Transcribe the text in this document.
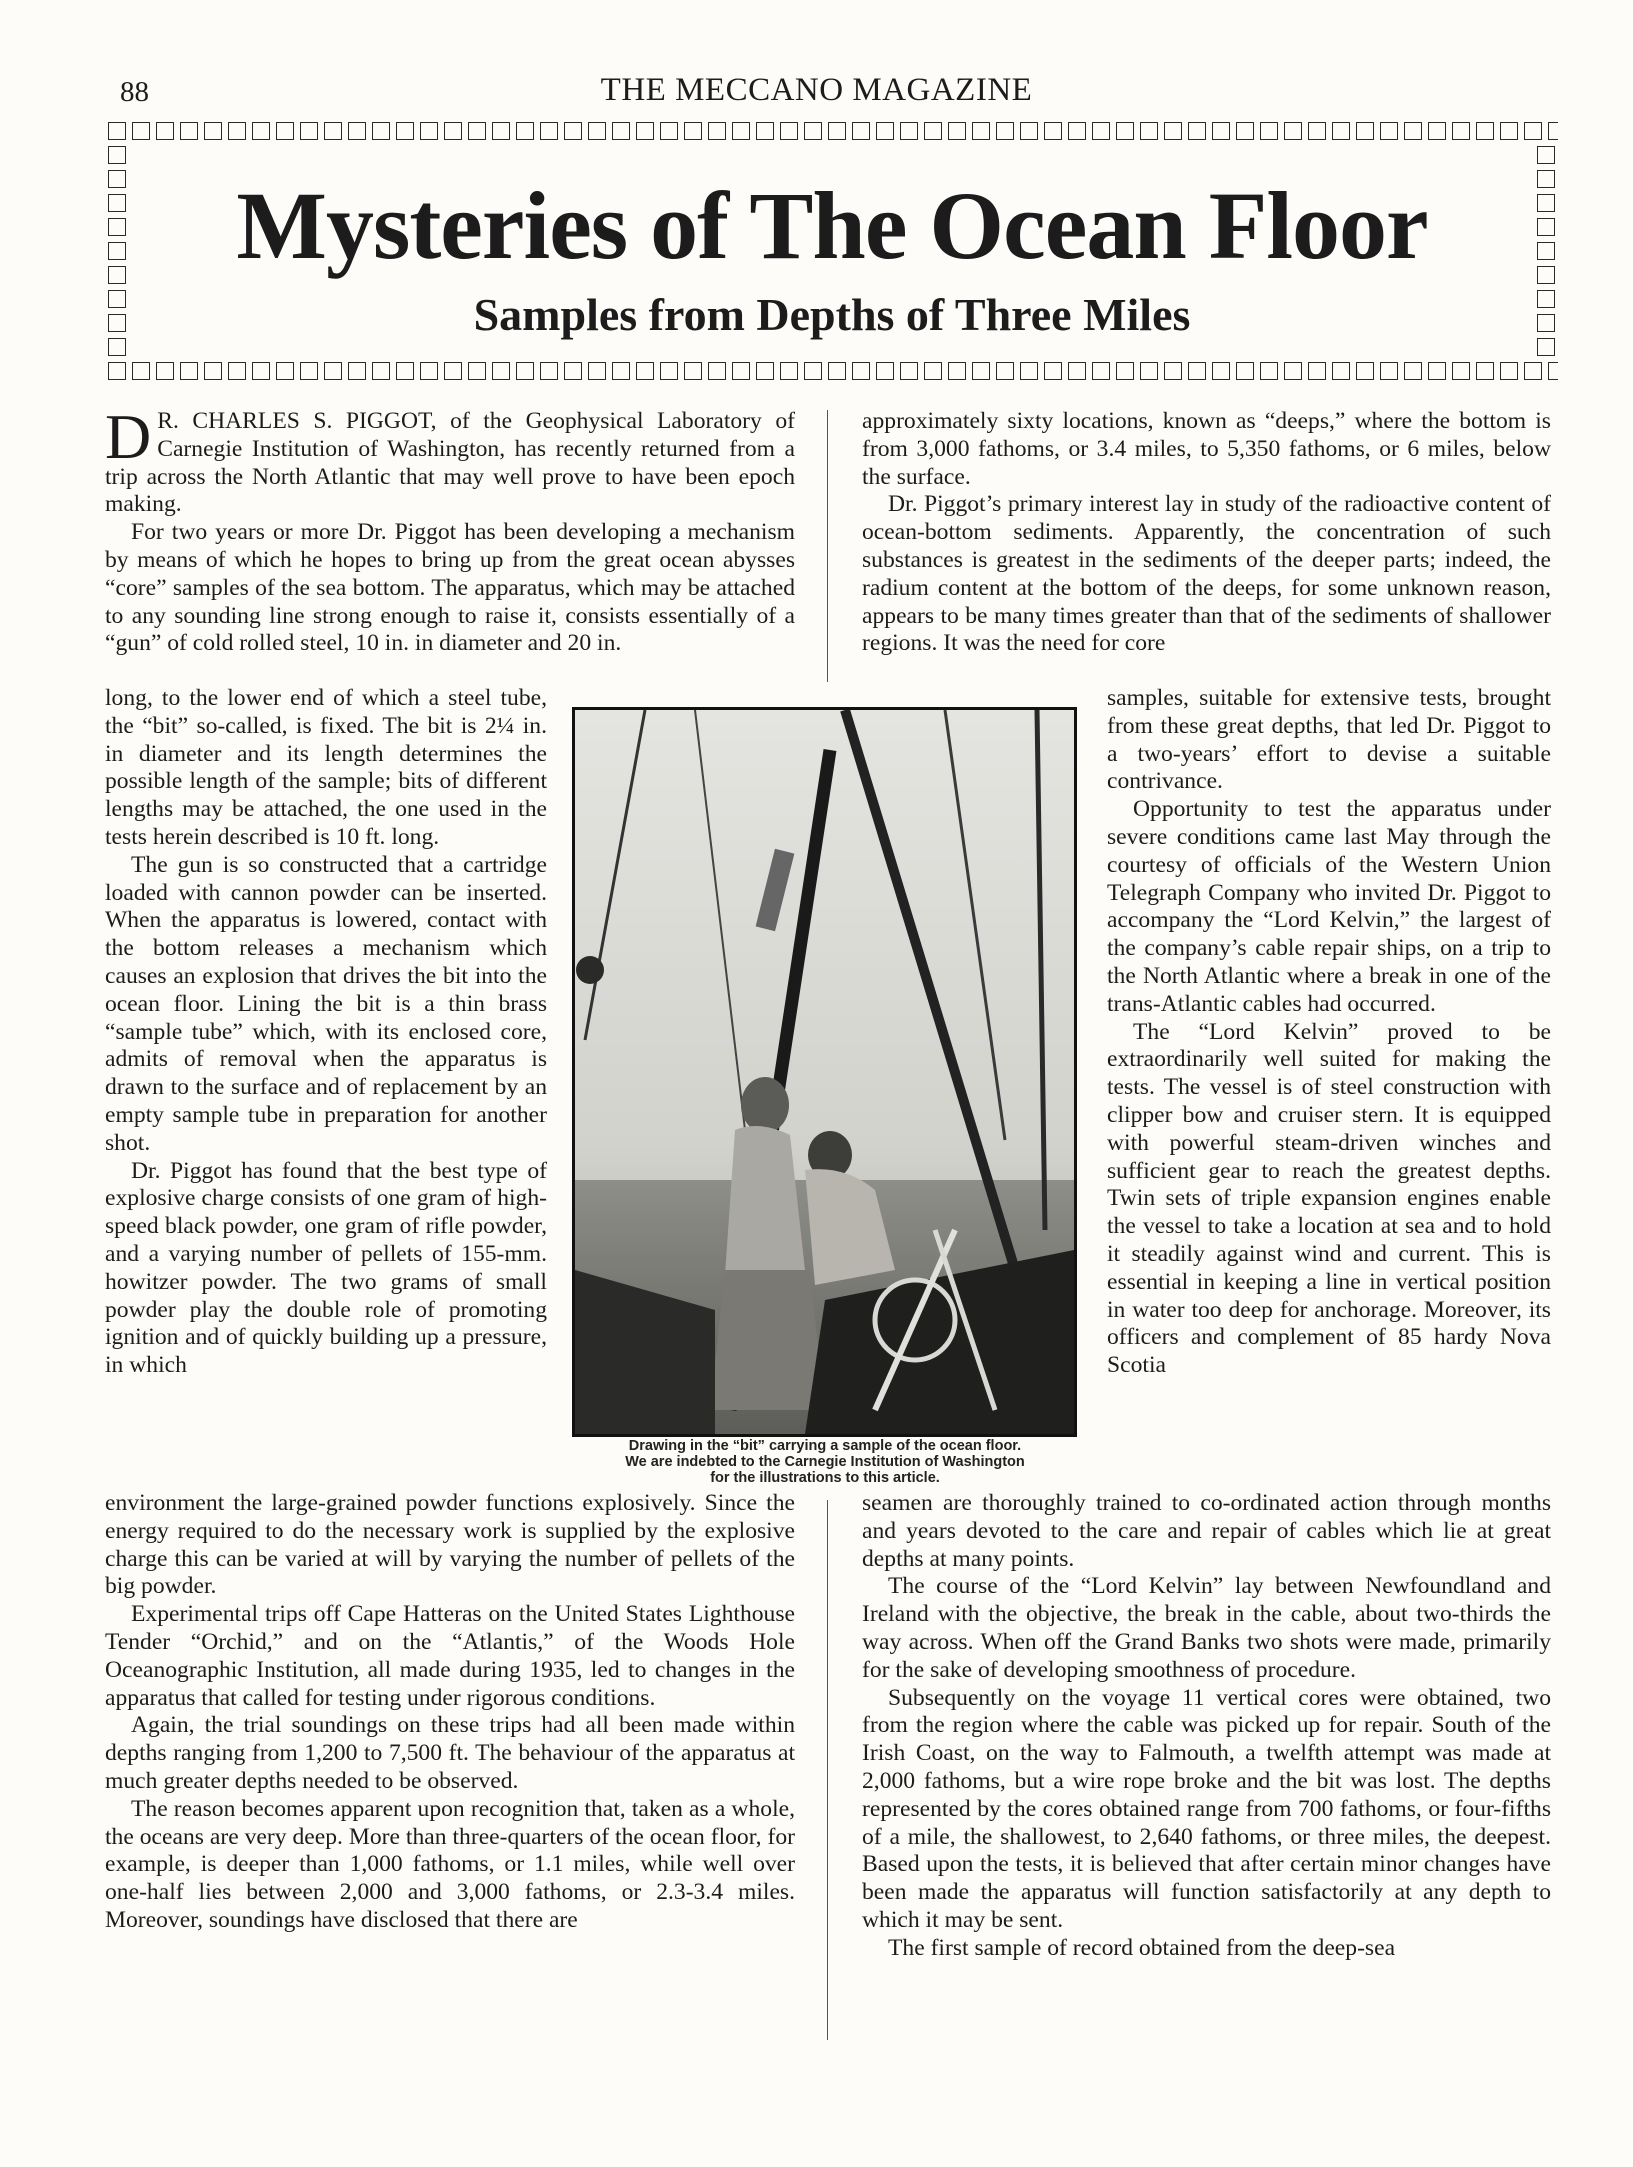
88	THE MECCANO MAGAZINE
Mysteries of The Ocean Floor
Samples from Depths of Three Miles

D R. CHARLES S. PIGGOT, of the Geophysical Laboratory of Carnegie Institution of Washington, has recently returned from a trip across the North Atlantic that may well prove to have been epoch making.

For two years or more Dr. Piggot has been developing a mechanism by means of which he hopes to bring up from the great ocean abysses “core” samples of the sea bottom. The apparatus, which may be attached to any sounding line strong enough to raise it, consists essentially of a “gun” of cold rolled steel, 10 in. in diameter and 20 in.

long, to the lower end of which a steel tube, the “bit” so-called, is fixed. The bit is 2¼ in. in diameter and its length determines the possible length of the sample; bits of different lengths may be attached, the one used in the tests herein described is 10 ft. long.

The gun is so constructed that a cartridge loaded with cannon powder can be inserted. When the apparatus is lowered, contact with the bottom releases a mechanism which causes an explosion that drives the bit into the ocean floor. Lining the bit is a thin brass “sample tube” which, with its enclosed core, admits of removal when the apparatus is drawn to the surface and of replacement by an empty sample tube in preparation for another shot.

Dr. Piggot has found that the best type of explosive charge consists of one gram of high-speed black powder, one gram of rifle powder, and a varying number of pellets of 155-mm. howitzer powder. The two grams of small powder play the double role of promoting ignition and of quickly building up a pressure, in which

environment the large-grained powder functions explosively. Since the energy required to do the necessary work is supplied by the explosive charge this can be varied at will by varying the number of pellets of the big powder.

Experimental trips off Cape Hatteras on the United States Lighthouse Tender “Orchid,” and on the “Atlantis,” of the Woods Hole Oceanographic Institution, all made during 1935, led to changes in the apparatus that called for testing under rigorous conditions.

Again, the trial soundings on these trips had all been made within depths ranging from 1,200 to 7,500 ft. The behaviour of the apparatus at much greater depths needed to be observed.

The reason becomes apparent upon recognition that, taken as a whole, the oceans are very deep. More than three-quarters of the ocean floor, for example, is deeper than 1,000 fathoms, or 1.1 miles, while well over one-half lies between 2,000 and 3,000 fathoms, or 2.3-3.4 miles. Moreover, soundings have disclosed that there are

approximately sixty locations, known as “deeps,” where the bottom is from 3,000 fathoms, or 3.4 miles, to 5,350 fathoms, or 6 miles, below the surface.

Dr. Piggot’s primary interest lay in study of the radioactive content of ocean-bottom sediments. Apparently, the concentration of such substances is greatest in the sediments of the deeper parts; indeed, the radium content at the bottom of the deeps, for some unknown reason, appears to be many times greater than that of the sediments of shallower regions. It was the need for core

samples, suitable for extensive tests, brought from these great depths, that led Dr. Piggot to a two-years’ effort to devise a suitable contrivance.

Opportunity to test the apparatus under severe conditions came last May through the courtesy of officials of the Western Union Telegraph Company who invited Dr. Piggot to accompany the “Lord Kelvin,” the largest of the company’s cable repair ships, on a trip to the North Atlantic where a break in one of the trans-Atlantic cables had occurred.

The “Lord Kelvin” proved to be extraordinarily well suited for making the tests. The vessel is of steel construction with clipper bow and cruiser stern. It is equipped with powerful steam-driven winches and sufficient gear to reach the greatest depths. Twin sets of triple expansion engines enable the vessel to take a location at sea and to hold it steadily against wind and current. This is essential in keeping a line in vertical position in water too deep for anchorage. Moreover, its officers and complement of 85 hardy Nova Scotia

seamen are thoroughly trained to co-ordinated action through months and years devoted to the care and repair of cables which lie at great depths at many points.

The course of the “Lord Kelvin” lay between Newfoundland and Ireland with the objective, the break in the cable, about two-thirds the way across. When off the Grand Banks two shots were made, primarily for the sake of developing smoothness of procedure.

Subsequently on the voyage 11 vertical cores were obtained, two from the region where the cable was picked up for repair. South of the Irish Coast, on the way to Falmouth, a twelfth attempt was made at 2,000 fathoms, but a wire rope broke and the bit was lost. The depths represented by the cores obtained range from 700 fathoms, or four-fifths of a mile, the shallowest, to 2,640 fathoms, or three miles, the deepest. Based upon the tests, it is believed that after certain minor changes have been made the apparatus will function satisfactorily at any depth to which it may be sent.

The first sample of record obtained from the deep-sea

Drawing in the “bit” carrying a sample of the ocean floor.
We are indebted to the Carnegie Institution of Washington
for the illustrations to this article.
